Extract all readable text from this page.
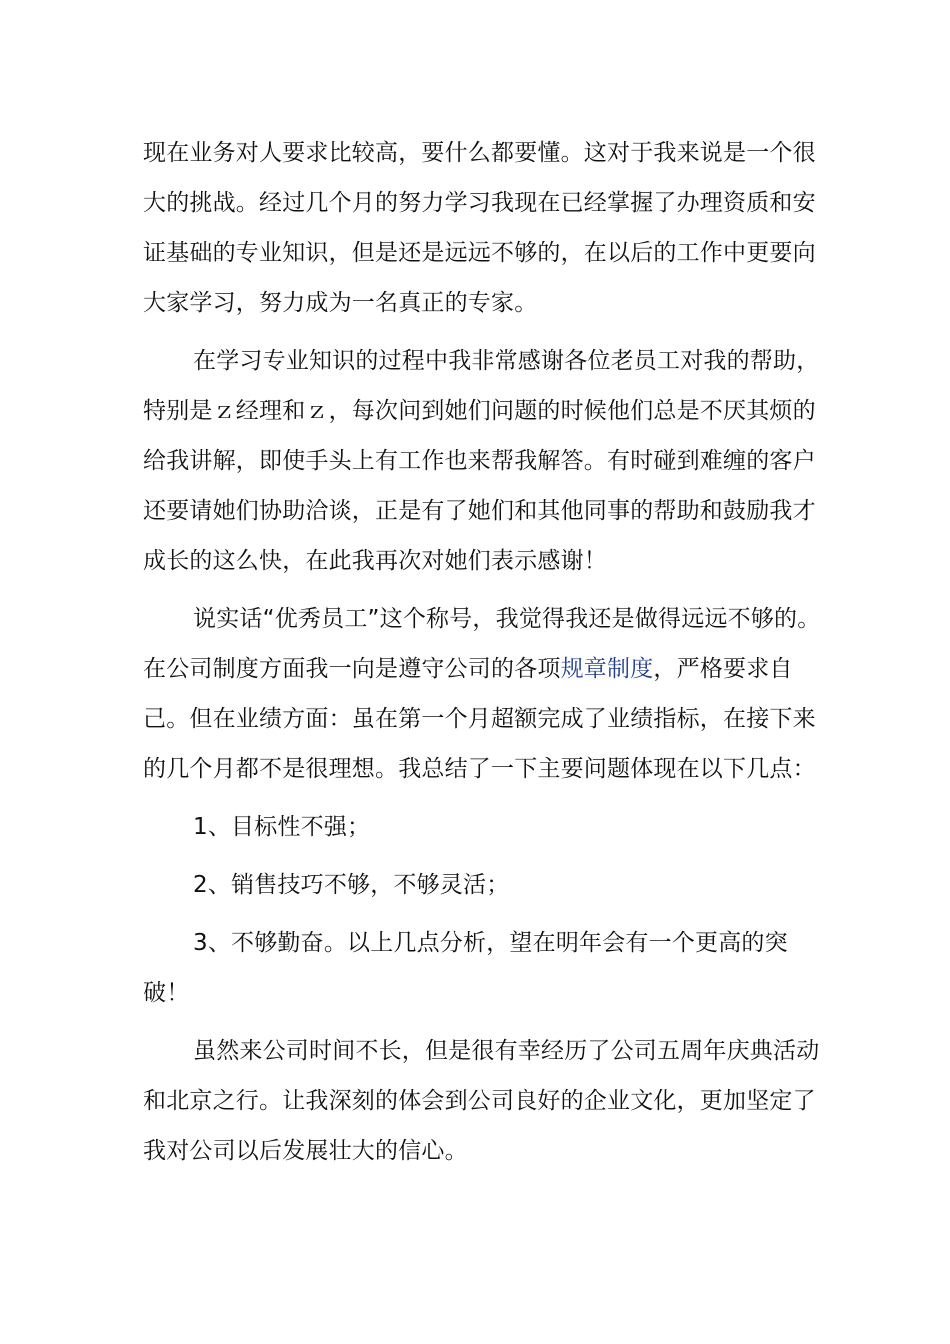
现在业务对人要求比较高，要什么都要懂。这对于我来说是一个很大的挑战。经过几个月的努力学习我现在已经掌握了办理资质和安证基础的专业知识，但是还是远远不够的，在以后的工作中更要向大家学习，努力成为一名真正的专家。

在学习专业知识的过程中我非常感谢各位老员工对我的帮助，特别是ｚ经理和ｚ，每次问到她们问题的时候他们总是不厌其烦的给我讲解，即使手头上有工作也来帮我解答。有时碰到难缠的客户还要请她们协助洽谈，正是有了她们和其他同事的帮助和鼓励我才成长的这么快，在此我再次对她们表示感谢！

说实话“优秀员工”这个称号，我觉得我还是做得远远不够的。在公司制度方面我一向是遵守公司的各项规章制度，严格要求自己。但在业绩方面：虽在第一个月超额完成了业绩指标，在接下来的几个月都不是很理想。我总结了一下主要问题体现在以下几点：

1、目标性不强；

2、销售技巧不够，不够灵活；

3、不够勤奋。以上几点分析，望在明年会有一个更高的突破！

虽然来公司时间不长，但是很有幸经历了公司五周年庆典活动和北京之行。让我深刻的体会到公司良好的企业文化，更加坚定了我对公司以后发展壮大的信心。
